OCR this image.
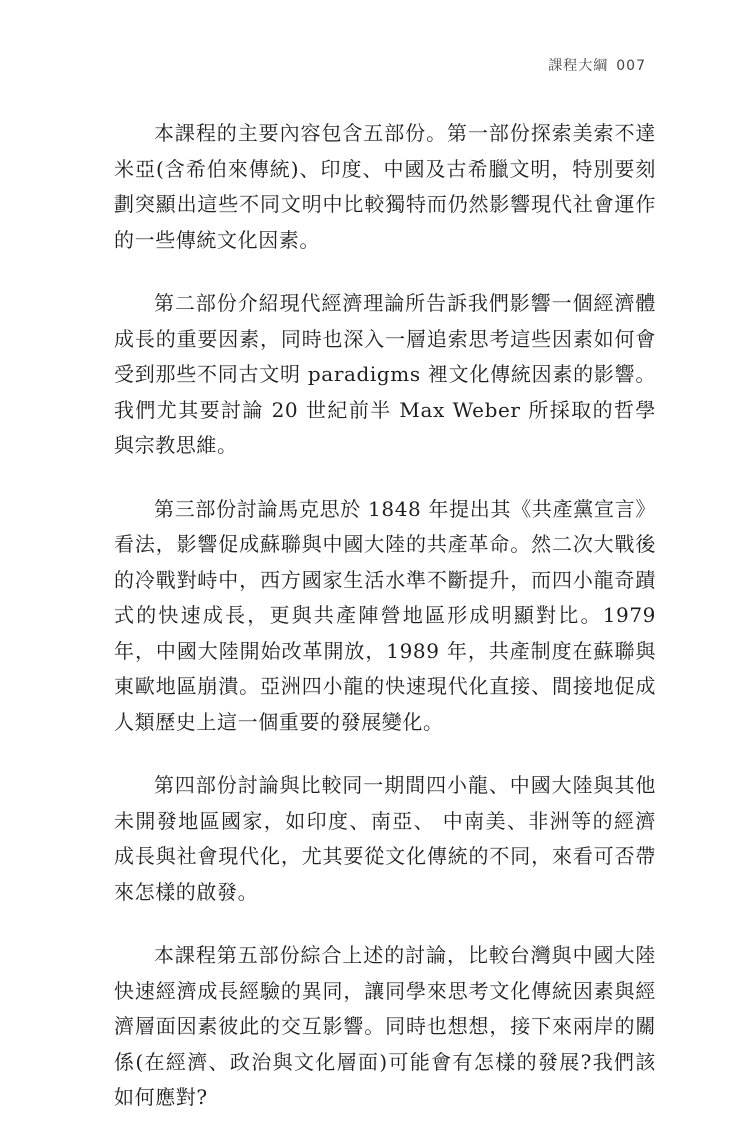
課程大綱 007

本課程的主要內容包含五部份。第一部份探索美索不達米亞(含希伯來傳統)、印度、中國及古希臘文明，特別要刻劃突顯出這些不同文明中比較獨特而仍然影響現代社會運作的一些傳統文化因素。

第二部份介紹現代經濟理論所告訴我們影響一個經濟體成長的重要因素，同時也深入一層追索思考這些因素如何會受到那些不同古文明 paradigms 裡文化傳統因素的影響。我們尤其要討論 20 世紀前半 Max Weber 所採取的哲學與宗教思維。

第三部份討論馬克思於 1848 年提出其《共產黨宣言》看法，影響促成蘇聯與中國大陸的共產革命。然二次大戰後的冷戰對峙中，西方國家生活水準不斷提升，而四小龍奇蹟式的快速成長，更與共產陣營地區形成明顯對比。1979 年，中國大陸開始改革開放，1989 年，共產制度在蘇聯與東歐地區崩潰。亞洲四小龍的快速現代化直接、間接地促成人類歷史上這一個重要的發展變化。

第四部份討論與比較同一期間四小龍、中國大陸與其他未開發地區國家，如印度、南亞、 中南美、非洲等的經濟成長與社會現代化，尤其要從文化傳統的不同，來看可否帶來怎樣的啟發。

本課程第五部份綜合上述的討論，比較台灣與中國大陸快速經濟成長經驗的異同，讓同學來思考文化傳統因素與經濟層面因素彼此的交互影響。同時也想想，接下來兩岸的關係(在經濟、政治與文化層面)可能會有怎樣的發展?我們該如何應對?
